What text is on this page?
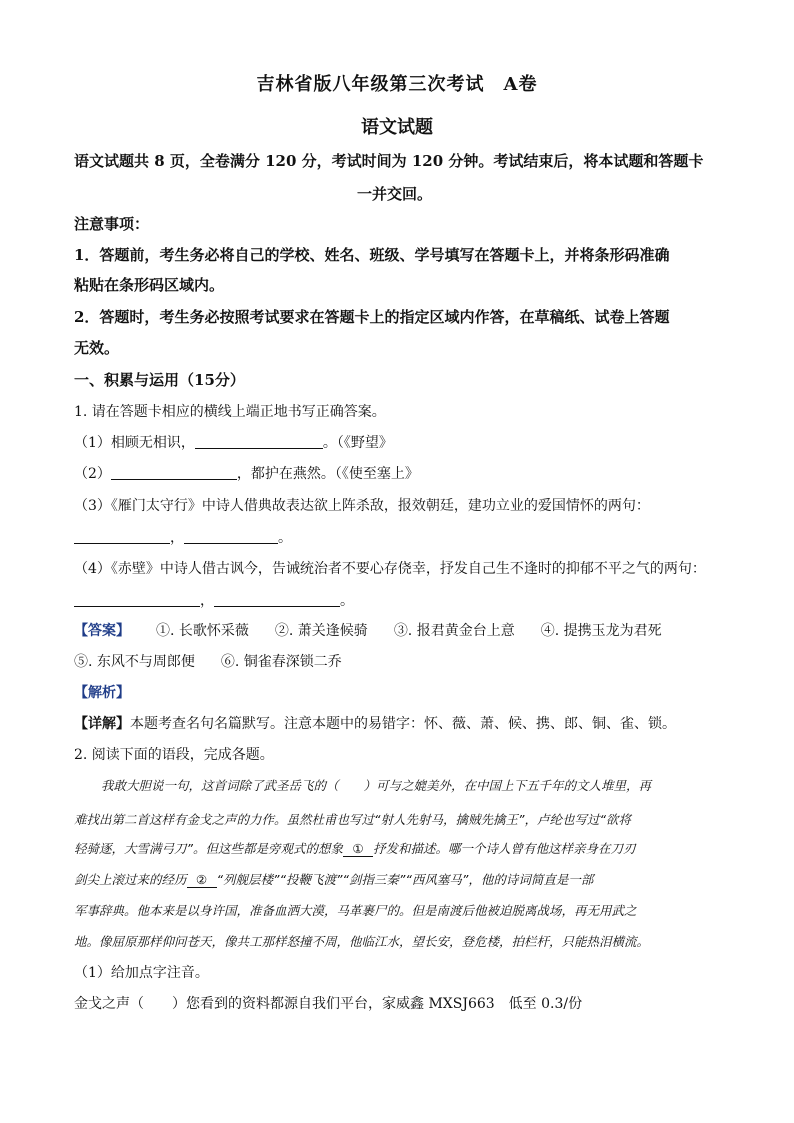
吉林省版八年级第三次考试　A卷
语文试题
语文试题共 8 页，全卷满分 120 分，考试时间为 120 分钟。考试结束后，将本试题和答题卡
一并交回。
注意事项：
1．答题前，考生务必将自己的学校、姓名、班级、学号填写在答题卡上，并将条形码准确
粘贴在条形码区域内。
2．答题时，考生务必按照考试要求在答题卡上的指定区域内作答，在草稿纸、试卷上答题
无效。
一、积累与运用（15分）
1. 请在答题卡相应的横线上端正地书写正确答案。
（1）相顾无相识，	。（《野望》
（2）	，都护在燕然。（《使至塞上》
（3）《雁门太守行》中诗人借典故表达欲上阵杀敌，报效朝廷，建功立业的爱国情怀的两句：
，	。
（4）《赤壁》中诗人借古讽今，告诫统治者不要心存侥幸，抒发自己生不逢时的抑郁不平之气的两句：
，	。
【答案】 ①. 长歌怀采薇 ②. 萧关逢候骑 ③. 报君黄金台上意 ④. 提携玉龙为君死
⑤. 东风不与周郎便 ⑥. 铜雀春深锁二乔
【解析】
【详解】本题考查名句名篇默写。注意本题中的易错字：怀、薇、萧、候、携、郎、铜、雀、锁。
2. 阅读下面的语段，完成各题。
我敢大胆说一句，这首词除了武圣岳飞的（　　）可与之媲美外，在中国上下五千年的文人堆里，再
难找出第二首这样有金戈之声的力作。虽然杜甫也写过“射人先射马，擒贼先擒王”，卢纶也写过“欲将
轻骑逐，大雪满弓刀”。但这些都是旁观式的想象 ① 抒发和描述。哪一个诗人曾有他这样亲身在刀刃
剑尖上滚过来的经历 ② “列舰层楼”“投鞭飞渡”“剑指三秦”“西风塞马”，他的诗词简直是一部
军事辞典。他本来是以身许国，准备血洒大漠，马革裹尸的。但是南渡后他被迫脱离战场，再无用武之
地。像屈原那样仰问苍天，像共工那样怒撞不周，他临江水，望长安，登危楼，拍栏杆，只能热泪横流。
（1）给加点字注音。
金戈之声（　　）您看到的资料都源自我们平台，家威鑫 MXSJ663　低至 0.3/份
